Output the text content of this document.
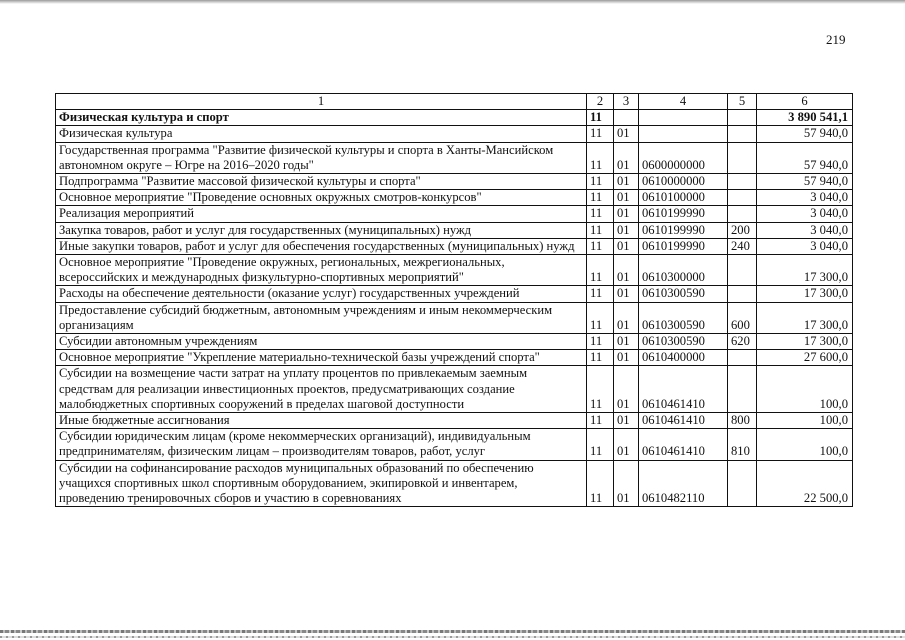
219
1	2	3	4	5	6
Физическая культура и спорт	11				3 890 541,1
Физическая культура	11	01			57 940,0
Государственная программа "Развитие физической культуры и спорта в Ханты-Мансийском автономном округе – Югре на 2016–2020 годы"	11	01	0600000000		57 940,0
Подпрограмма "Развитие массовой физической культуры и спорта"	11	01	0610000000		57 940,0
Основное мероприятие "Проведение основных окружных смотров-конкурсов"	11	01	0610100000		3 040,0
Реализация мероприятий	11	01	0610199990		3 040,0
Закупка товаров, работ и услуг для государственных (муниципальных) нужд	11	01	0610199990	200	3 040,0
Иные закупки товаров, работ и услуг для обеспечения государственных (муниципальных) нужд	11	01	0610199990	240	3 040,0
Основное мероприятие "Проведение окружных, региональных, межрегиональных, всероссийских и международных физкультурно-спортивных мероприятий"	11	01	0610300000		17 300,0
Расходы на обеспечение деятельности (оказание услуг) государственных учреждений	11	01	0610300590		17 300,0
Предоставление субсидий бюджетным, автономным учреждениям и иным некоммерческим организациям	11	01	0610300590	600	17 300,0
Субсидии автономным учреждениям	11	01	0610300590	620	17 300,0
Основное мероприятие "Укрепление материально-технической базы учреждений спорта"	11	01	0610400000		27 600,0
Субсидии на возмещение части затрат на уплату процентов по привлекаемым заемным средствам для реализации инвестиционных проектов, предусматривающих создание малобюджетных спортивных сооружений в пределах шаговой доступности	11	01	0610461410		100,0
Иные бюджетные ассигнования	11	01	0610461410	800	100,0
Субсидии юридическим лицам (кроме некоммерческих организаций), индивидуальным предпринимателям, физическим лицам – производителям товаров, работ, услуг	11	01	0610461410	810	100,0
Субсидии на софинансирование расходов муниципальных образований по обеспечению учащихся спортивных школ спортивным оборудованием, экипировкой и инвентарем, проведению тренировочных сборов и участию в соревнованиях	11	01	0610482110		22 500,0
